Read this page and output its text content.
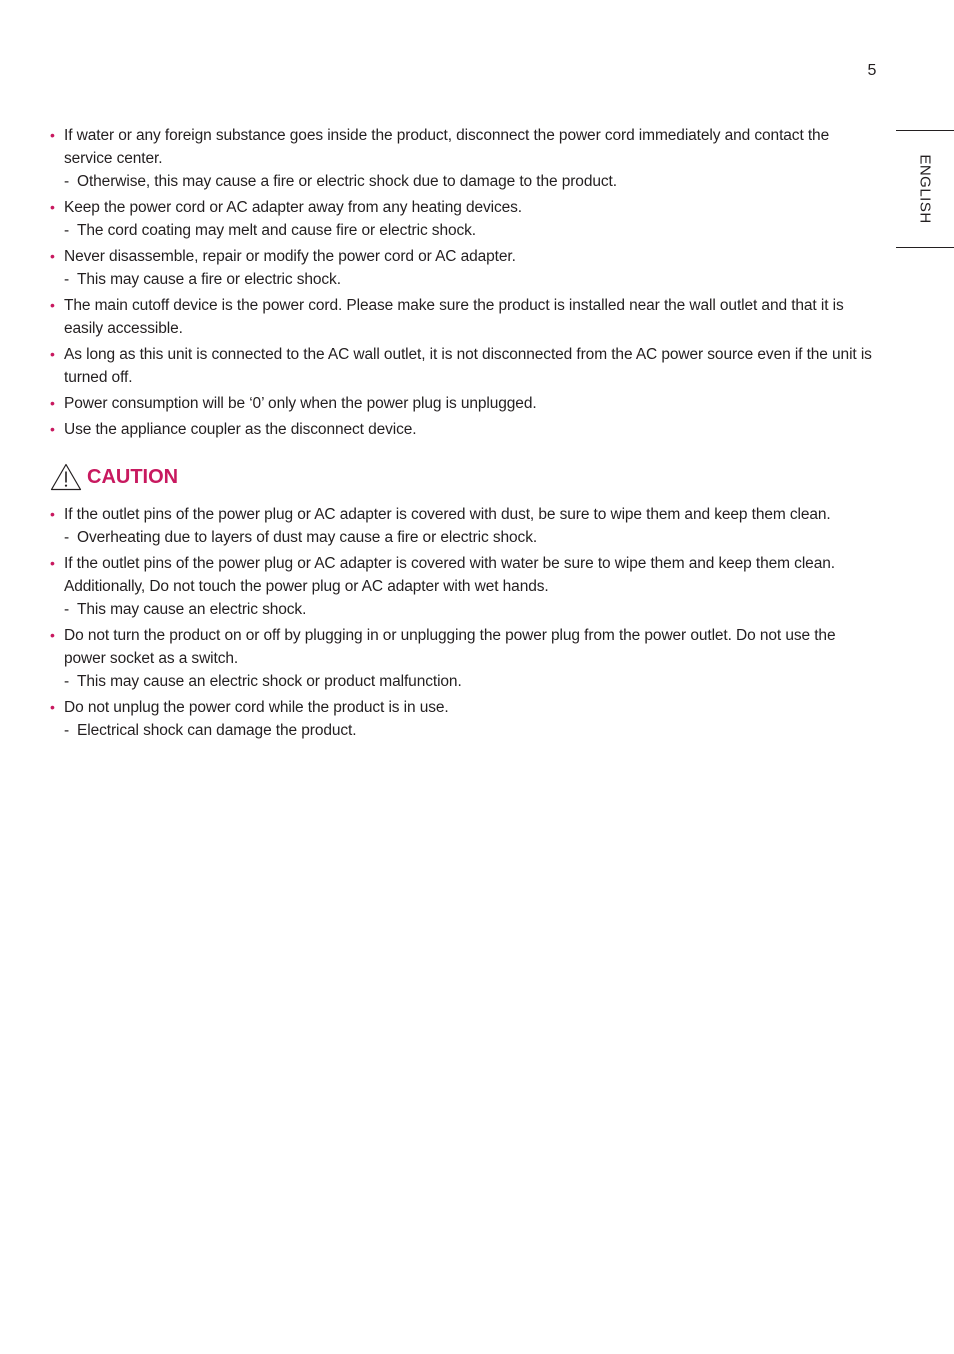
5
ENGLISH
• If water or any foreign substance goes inside the product, disconnect the power cord immediately and contact the service center.
- Otherwise, this may cause a fire or electric shock due to damage to the product.
• Keep the power cord or AC adapter away from any heating devices.
- The cord coating may melt and cause fire or electric shock.
• Never disassemble, repair or modify the power cord or AC adapter.
- This may cause a fire or electric shock.
• The main cutoff device is the power cord. Please make sure the product is installed near the wall outlet and that it is easily accessible.
• As long as this unit is connected to the AC wall outlet, it is not disconnected from the AC power source even if the unit is turned off.
• Power consumption will be ‘0’ only when the power plug is unplugged.
• Use the appliance coupler as the disconnect device.
CAUTION
• If the outlet pins of the power plug or AC adapter is covered with dust, be sure to wipe them and keep them clean.
- Overheating due to layers of dust may cause a fire or electric shock.
• If the outlet pins of the power plug or AC adapter is covered with water be sure to wipe them and keep them clean. Additionally, Do not touch the power plug or AC adapter with wet hands.
- This may cause an electric shock.
• Do not turn the product on or off by plugging in or unplugging the power plug from the power outlet. Do not use the power socket as a switch.
- This may cause an electric shock or product malfunction.
• Do not unplug the power cord while the product is in use.
- Electrical shock can damage the product.
